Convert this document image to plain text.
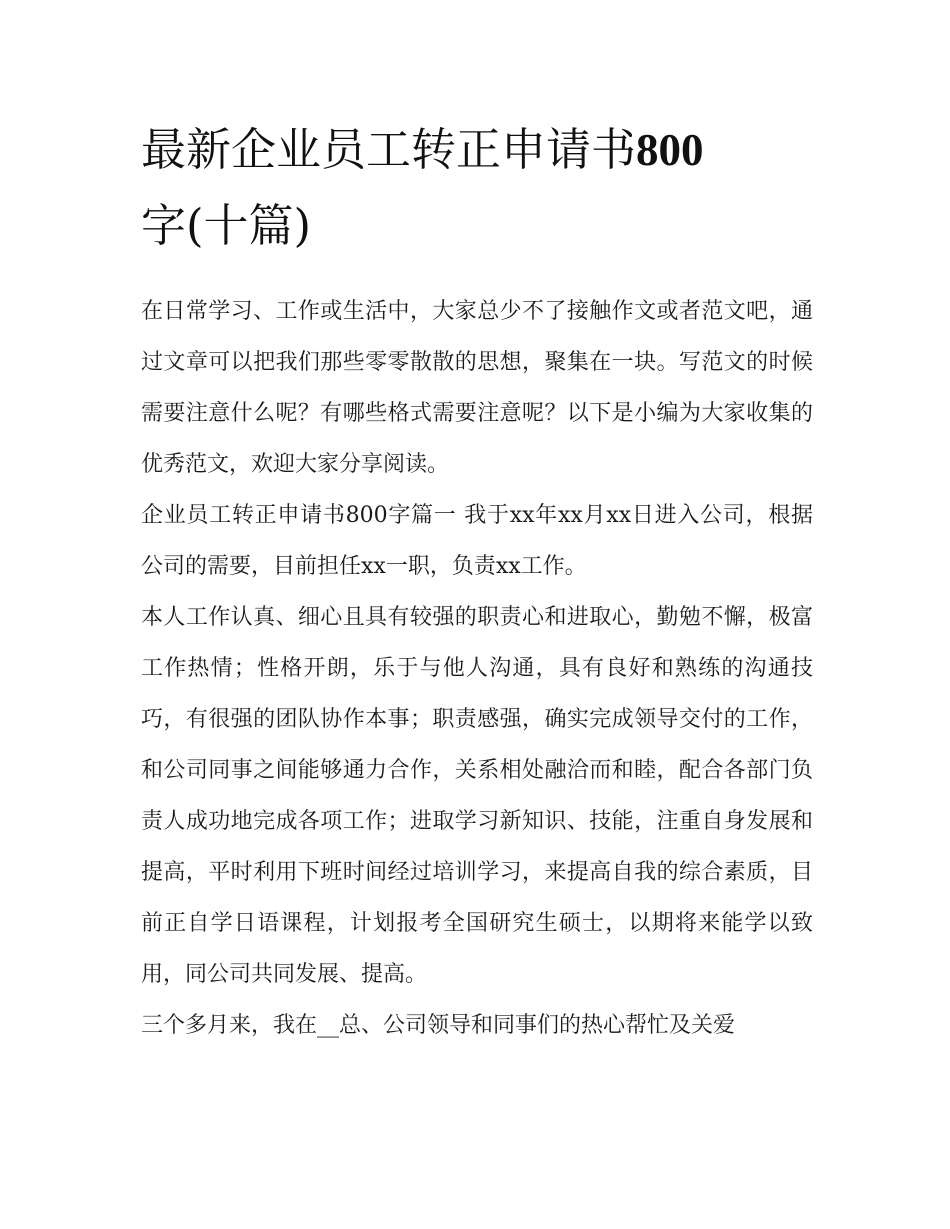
最新企业员工转正申请书800
字(十篇)

在日常学习、工作或生活中，大家总少不了接触作文或者范文吧，通过文章可以把我们那些零零散散的思想，聚集在一块。写范文的时候需要注意什么呢？有哪些格式需要注意呢？以下是小编为大家收集的优秀范文，欢迎大家分享阅读。

企业员工转正申请书800字篇一 我于xx年xx月xx日进入公司，根据公司的需要，目前担任xx一职，负责xx工作。

本人工作认真、细心且具有较强的职责心和进取心，勤勉不懈，极富工作热情；性格开朗，乐于与他人沟通，具有良好和熟练的沟通技巧，有很强的团队协作本事；职责感强，确实完成领导交付的工作，和公司同事之间能够通力合作，关系相处融洽而和睦，配合各部门负责人成功地完成各项工作；进取学习新知识、技能，注重自身发展和提高，平时利用下班时间经过培训学习，来提高自我的综合素质，目前正自学日语课程，计划报考全国研究生硕士，以期将来能学以致用，同公司共同发展、提高。

三个多月来，我在__总、公司领导和同事们的热心帮忙及关爱
